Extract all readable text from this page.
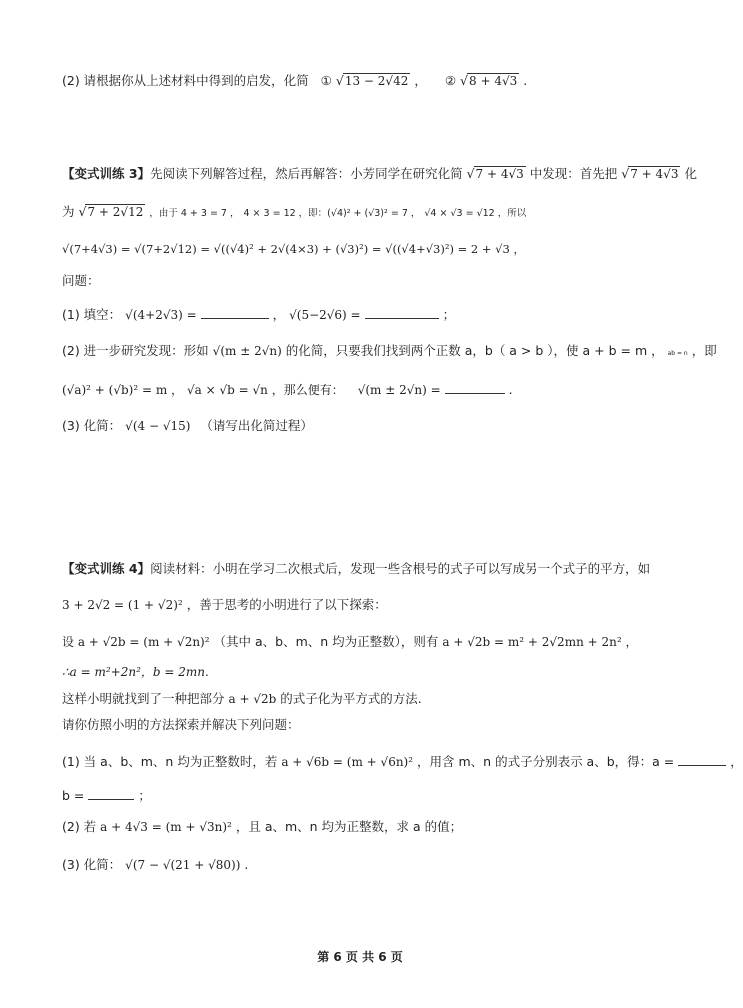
(2) 请根据你从上述材料中得到的启发，化简 ① √13 − 2√42 ， ② √8 + 4√3 .
【变式训练 3】先阅读下列解答过程，然后再解答：小芳同学在研究化简 √7 + 4√3 中发现：首先把 √7 + 4√3 化
为 √7 + 2√12 ，由于 4 + 3 = 7 ， 4 × 3 = 12 ，即：(√4)² + (√3)² = 7 ， √4 × √3 = √12 ，所以
√(7+4√3) = √(7+2√12) = √((√4)² + 2√(4×3) + (√3)²) = √((√4+√3)²) = 2 + √3 ，
问题：
(1) 填空： √(4+2√3) =	， √(5−2√6) =	；
(2) 进一步研究发现：形如 √(m ± 2√n) 的化简，只要我们找到两个正数 a，b（ a > b ），使 a + b = m ， ab = n ，即
(√a)² + (√b)² = m ， √a × √b = √n ，那么便有： √(m ± 2√n) =	.
(3) 化简： √(4 − √15) （请写出化简过程）
【变式训练 4】阅读材料：小明在学习二次根式后，发现一些含根号的式子可以写成另一个式子的平方，如
3 + 2√2 = (1 + √2)² ，善于思考的小明进行了以下探索：
设 a + √2b = (m + √2n)² （其中 a、b、m、n 均为正整数），则有 a + √2b = m² + 2√2mn + 2n² ，
∴a = m²+2n²，b = 2mn.
这样小明就找到了一种把部分 a + √2b 的式子化为平方式的方法.
请你仿照小明的方法探索并解决下列问题：
(1) 当 a、b、m、n 均为正整数时，若 a + √6b = (m + √6n)² ，用含 m、n 的式子分别表示 a、b，得：a =	，
b =	；
(2) 若 a + 4√3 = (m + √3n)² ，且 a、m、n 均为正整数，求 a 的值；
(3) 化简： √(7 − √(21 + √80)) .
第 6 页 共 6 页
